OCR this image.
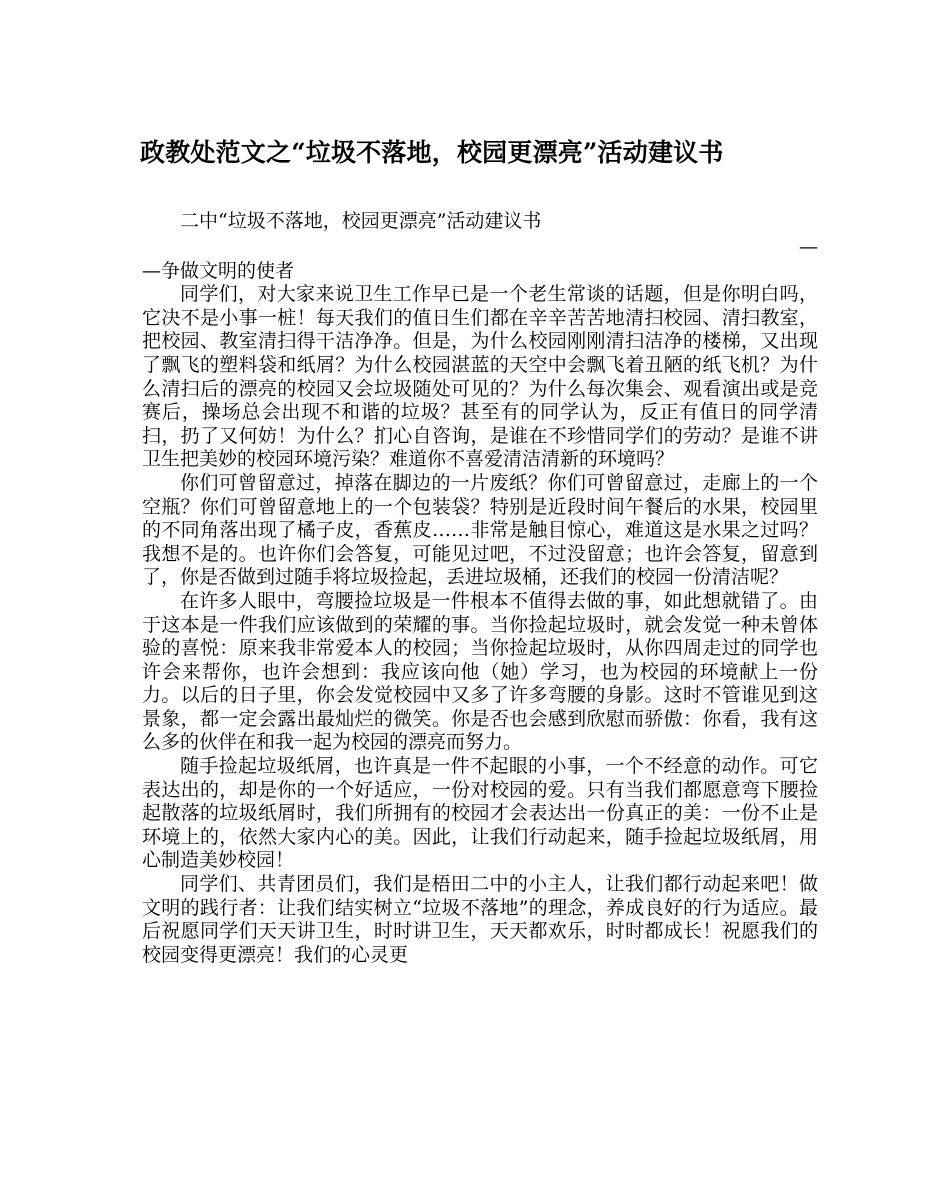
政教处范文之“垃圾不落地，校园更漂亮”活动建议书

二中“垃圾不落地，校园更漂亮”活动建议书

—

—争做文明的使者

同学们，对大家来说卫生工作早已是一个老生常谈的话题，但是你明白吗，它决不是小事一桩！每天我们的值日生们都在辛辛苦苦地清扫校园、清扫教室，把校园、教室清扫得干洁净净。但是，为什么校园刚刚清扫洁净的楼梯，又出现了飘飞的塑料袋和纸屑？为什么校园湛蓝的天空中会飘飞着丑陋的纸飞机？为什么清扫后的漂亮的校园又会垃圾随处可见的？为什么每次集会、观看演出或是竞赛后，操场总会出现不和谐的垃圾？甚至有的同学认为，反正有值日的同学清扫，扔了又何妨！为什么？扪心自咨询，是谁在不珍惜同学们的劳动？是谁不讲卫生把美妙的校园环境污染？难道你不喜爱清洁清新的环境吗？

你们可曾留意过，掉落在脚边的一片废纸？你们可曾留意过，走廊上的一个空瓶？你们可曾留意地上的一个包装袋？特别是近段时间午餐后的水果，校园里的不同角落出现了橘子皮，香蕉皮……非常是触目惊心，难道这是水果之过吗？我想不是的。也许你们会答复，可能见过吧，不过没留意；也许会答复，留意到了，你是否做到过随手将垃圾捡起，丢进垃圾桶，还我们的校园一份清洁呢？

在许多人眼中，弯腰捡垃圾是一件根本不值得去做的事，如此想就错了。由于这本是一件我们应该做到的荣耀的事。当你捡起垃圾时，就会发觉一种未曾体验的喜悦：原来我非常爱本人的校园；当你捡起垃圾时，从你四周走过的同学也许会来帮你，也许会想到：我应该向他（她）学习，也为校园的环境献上一份力。以后的日子里，你会发觉校园中又多了许多弯腰的身影。这时不管谁见到这景象，都一定会露出最灿烂的微笑。你是否也会感到欣慰而骄傲：你看，我有这么多的伙伴在和我一起为校园的漂亮而努力。

随手捡起垃圾纸屑，也许真是一件不起眼的小事，一个不经意的动作。可它表达出的，却是你的一个好适应，一份对校园的爱。只有当我们都愿意弯下腰捡起散落的垃圾纸屑时，我们所拥有的校园才会表达出一份真正的美：一份不止是环境上的，依然大家内心的美。因此，让我们行动起来，随手捡起垃圾纸屑，用心制造美妙校园！

同学们、共青团员们，我们是梧田二中的小主人，让我们都行动起来吧！做文明的践行者：让我们结实树立“垃圾不落地”的理念，养成良好的行为适应。最后祝愿同学们天天讲卫生，时时讲卫生，天天都欢乐，时时都成长！祝愿我们的校园变得更漂亮！我们的心灵更
